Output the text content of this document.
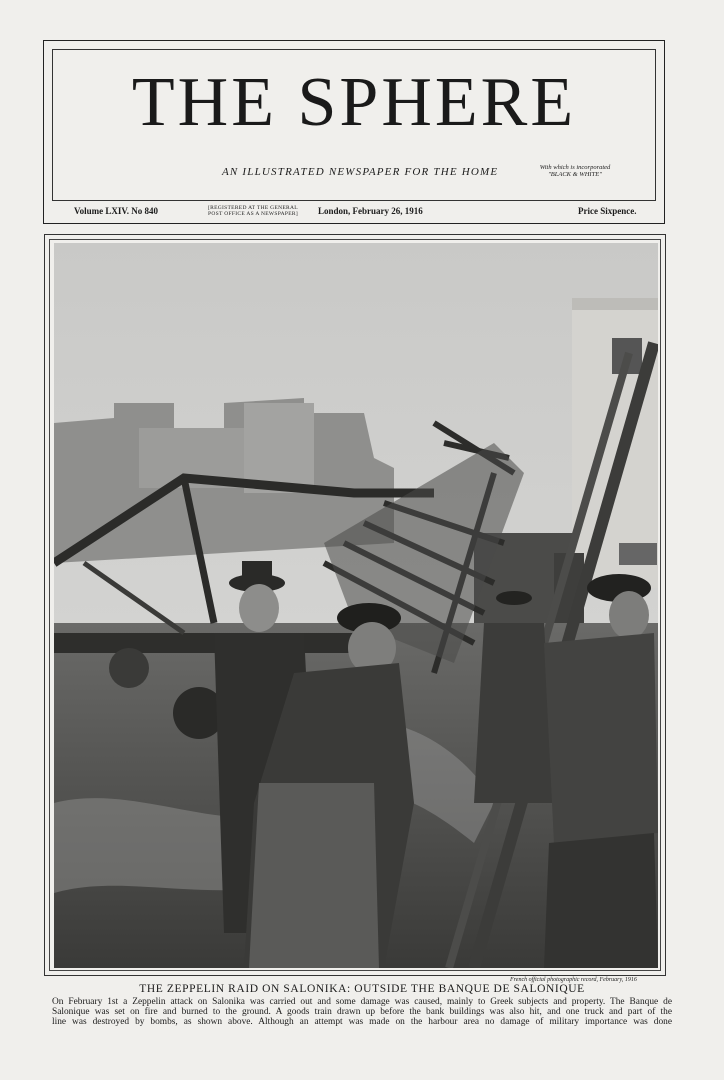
THE SPHERE
AN ILLUSTRATED NEWSPAPER FOR THE HOME	With which is incorporated
"BLACK & WHITE"
Volume LXIV. No 840	[REGISTERED AT THE GENERAL
POST OFFICE AS A NEWSPAPER] London, February 26, 1916	Price Sixpence.
French official photographic record, February, 1916
THE ZEPPELIN RAID ON SALONIKA: OUTSIDE THE BANQUE DE SALONIQUE
On February 1st a Zeppelin attack on Salonika was carried out and some damage was caused, mainly to Greek subjects and property. The Banque de
Salonique was set on fire and burned to the ground. A goods train drawn up before the bank buildings was also hit, and one truck and part of the
line was destroyed by bombs, as shown above. Although an attempt was made on the harbour area no damage of military importance was done
